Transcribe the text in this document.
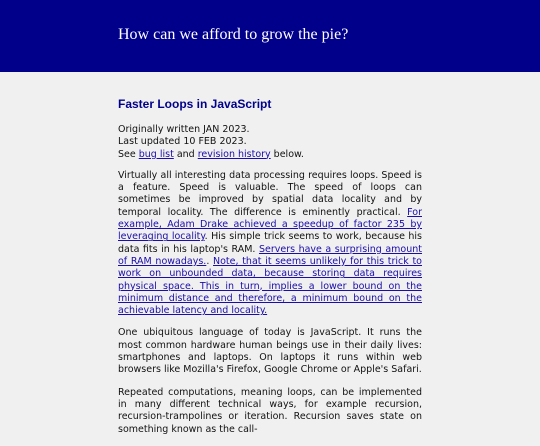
How can we afford to grow the pie?
Faster Loops in JavaScript
Originally written JAN 2023.
Last updated 10 FEB 2023.
See bug list and revision history below.

Virtually all interesting data processing requires loops. Speed is a feature. Speed is valuable. The speed of loops can sometimes be improved by spatial data locality and by temporal locality. The difference is eminently practical. For example, Adam Drake achieved a speedup of factor 235 by leveraging locality. His simple trick seems to work, because his data fits in his laptop's RAM. Servers have a surprising amount of RAM nowadays.. Note, that it seems unlikely for this trick to work on unbounded data, because storing data requires physical space. This in turn, implies a lower bound on the minimum distance and therefore, a minimum bound on the achievable latency and locality.

One ubiquitous language of today is JavaScript. It runs the most common hardware human beings use in their daily lives: smartphones and laptops. On laptops it runs within web browsers like Mozilla's Firefox, Google Chrome or Apple's Safari.

Repeated computations, meaning loops, can be implemented in many different technical ways, for example recursion, recursion-trampolines or iteration. Recursion saves state on something known as the call-
